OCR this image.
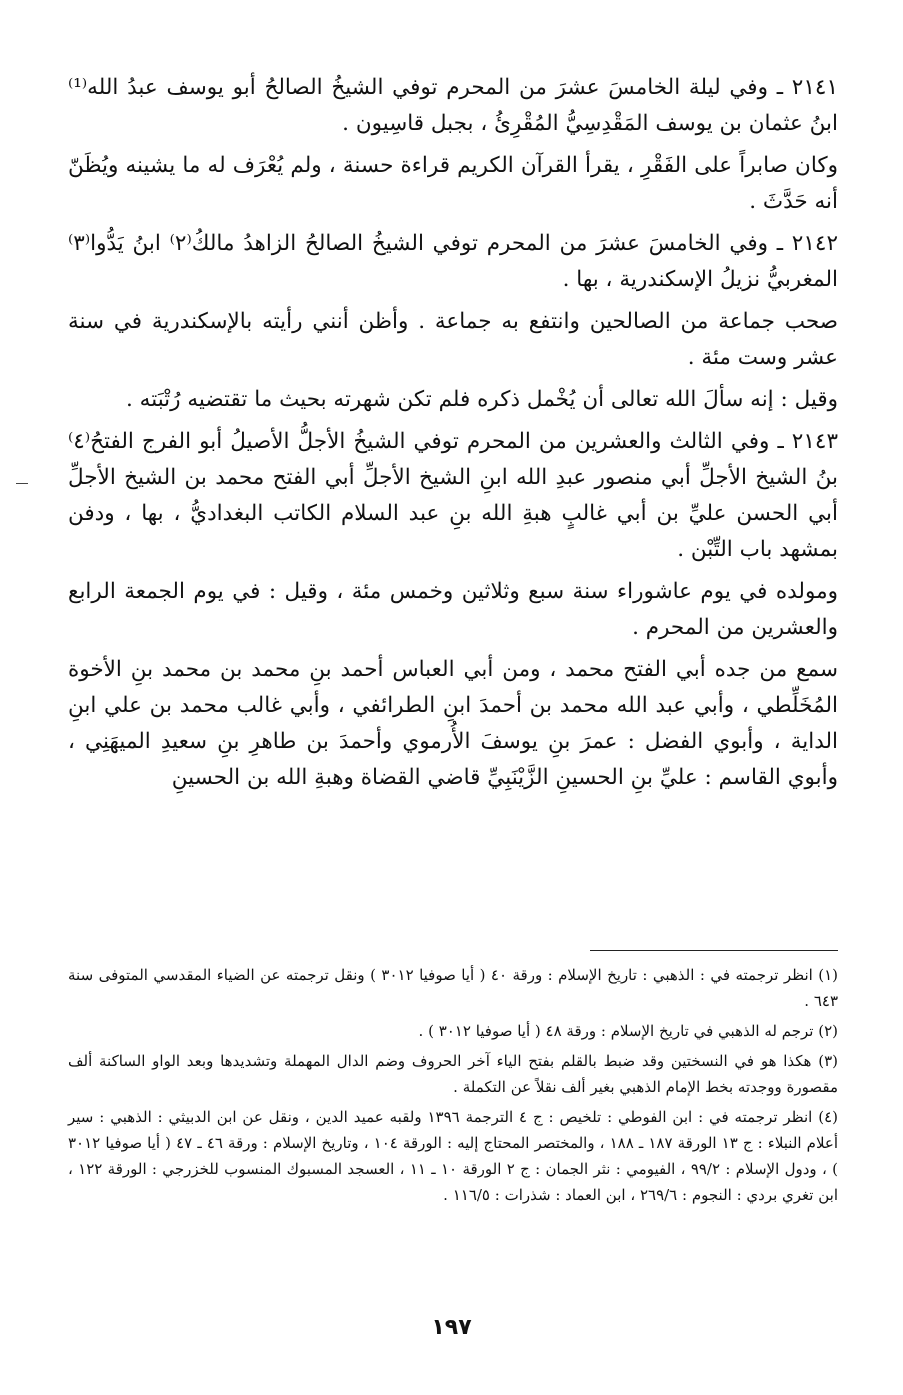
٢١٤١ ـ وفي ليلة الخامسَ عشرَ من المحرم توفي الشيخُ الصالحُ أبو يوسف عبدُ الله⁽¹⁾ ابنُ عثمان بن يوسف المَقْدِسِيُّ المُقْرِئُ ، بجبل قاسِيون .

وكان صابراً على الفَقْرِ ، يقرأ القرآن الكريم قراءة حسنة ، ولم يُعْرَف له ما يشينه ويُظَنّ أنه حَدَّثَ .

٢١٤٢ ـ وفي الخامسَ عشرَ من المحرم توفي الشيخُ الصالحُ الزاهدُ مالكُ⁽٢⁾ ابنُ يَدُّوا⁽٣⁾ المغربيُّ نزيلُ الإسكندرية ، بها .

صحب جماعة من الصالحين وانتفع به جماعة . وأظن أنني رأيته بالإسكندرية في سنة عشر وست مئة .

وقيل : إنه سألَ الله تعالى أن يُخْمل ذكره فلم تكن شهرته بحيث ما تقتضيه رُتْبَته .

٢١٤٣ ـ وفي الثالث والعشرين من المحرم توفي الشيخُ الأجلُّ الأصيلُ أبو الفرج الفتحُ⁽٤⁾ بنُ الشيخ الأجلِّ أبي منصور عبدِ الله ابنِ الشيخ الأجلِّ أبي الفتح محمد بن الشيخ الأجلِّ أبي الحسن عليِّ بن أبي غالبٍ هبةِ الله بنِ عبد السلام الكاتب البغداديُّ ، بها ، ودفن بمشهد باب التِّبْن .

ومولده في يوم عاشوراء سنة سبع وثلاثين وخمس مئة ، وقيل : في يوم الجمعة الرابع والعشرين من المحرم .

سمع من جده أبي الفتح محمد ، ومن أبي العباس أحمد بنِ محمد بن محمد بنِ الأخوة المُخَلِّطي ، وأبي عبد الله محمد بن أحمدَ ابنِ الطرائفي ، وأبي غالب محمد بن علي ابنِ الداية ، وأبوي الفضل : عمرَ بنِ يوسفَ الأُرموي وأحمدَ بن طاهرِ بنِ سعيدِ الميهَنِي ، وأبوي القاسم : عليِّ بنِ الحسينِ الزَّيْنَبِيِّ قاضي القضاة وهبةِ الله بن الحسينِ

(١) انظر ترجمته في : الذهبي : تاريخ الإسلام : ورقة ٤٠ ( أيا صوفيا ٣٠١٢ ) ونقل ترجمته عن الضياء المقدسي المتوفى سنة ٦٤٣ .

(٢) ترجم له الذهبي في تاريخ الإسلام : ورقة ٤٨ ( أيا صوفيا ٣٠١٢ ) .

(٣) هكذا هو في النسختين وقد ضبط بالقلم بفتح الياء آخر الحروف وضم الدال المهملة وتشديدها وبعد الواو الساكنة ألف مقصورة ووجدته بخط الإمام الذهبي بغير ألف نقلاً عن التكملة .

(٤) انظر ترجمته في : ابن الفوطي : تلخيص : ج ٤ الترجمة ١٣٩٦ ولقبه عميد الدين ، ونقل عن ابن الدبيثي : الذهبي : سير أعلام النبلاء : ج ١٣ الورقة ١٨٧ ـ ١٨٨ ، والمختصر المحتاج إليه : الورقة ١٠٤ ، وتاريخ الإسلام : ورقة ٤٦ ـ ٤٧ ( أيا صوفيا ٣٠١٢ ) ، ودول الإسلام : ٩٩/٢ ، الفيومي : نثر الجمان : ج ٢ الورقة ١٠ ـ ١١ ، العسجد المسبوك المنسوب للخزرجي : الورقة ١٢٢ ، ابن تغري بردي : النجوم : ٢٦٩/٦ ، ابن العماد : شذرات : ١١٦/٥ .

١٩٧
